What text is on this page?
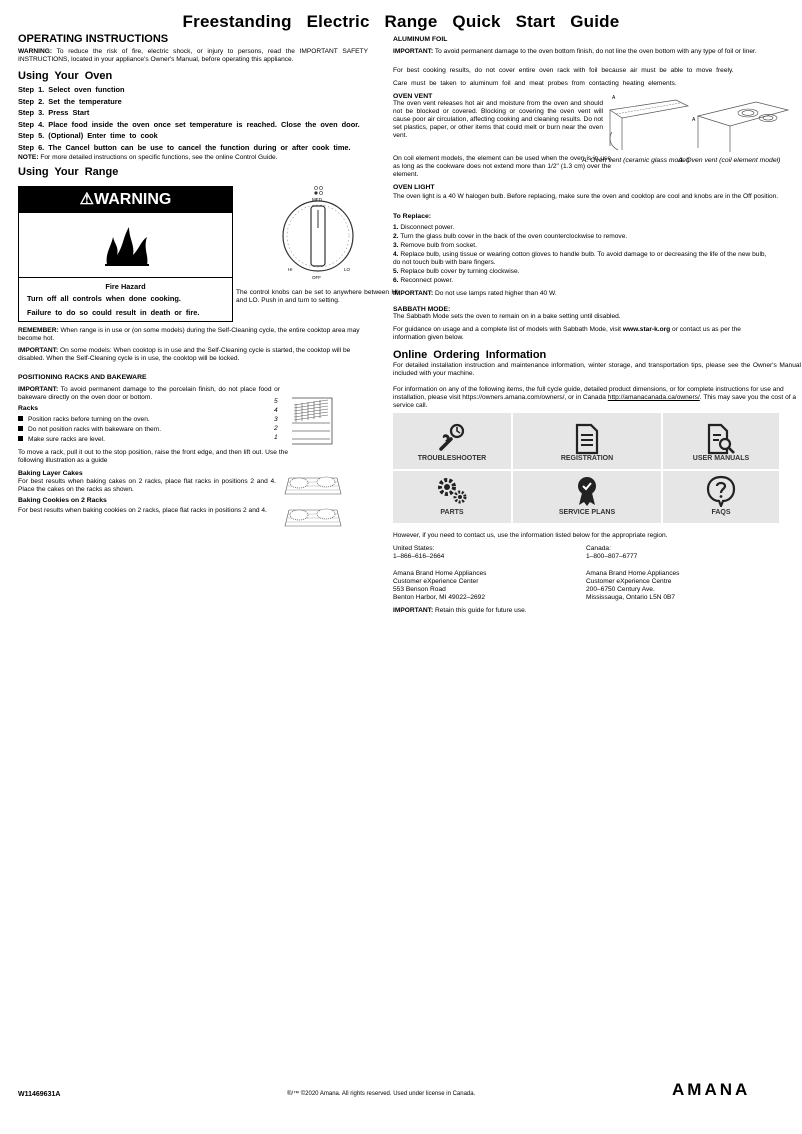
Freestanding Electric Range Quick Start Guide
OPERATING INSTRUCTIONS

WARNING: To reduce the risk of fire, electric shock, or injury to persons, read the IMPORTANT SAFETY INSTRUCTIONS, located in your appliance's Owner's Manual, before operating this appliance.

Using Your Oven
Step 1. Select oven function
Step 2. Set the temperature
Step 3. Press Start
Step 4. Place food inside the oven once set temperature is reached. Close the oven door.
Step 5. (Optional) Enter time to cook
Step 6. The Cancel button can be use to cancel the function during or after cook time.

NOTE: For more detailed instructions on specific functions, see the online Control Guide.

Using Your Range
⚠WARNING
Fire Hazard
Turn off all controls when done cooking.
Failure to do so could result in death or fire.
MED
HI	LO
OFF

The control knobs can be set to anywhere between HI and LO. Push in and turn to setting.

REMEMBER: When range is in use or (on some models) during the Self-Cleaning cycle, the entire cooktop area may become hot.

IMPORTANT: On some models: When cooktop is in use and the Self-Cleaning cycle is started, the cooktop will be disabled. When the Self-Cleaning cycle is in use, the cooktop will be locked.

POSITIONING RACKS AND BAKEWARE

IMPORTANT: To avoid permanent damage to the porcelain finish, do not place food or bakeware directly on the oven door or bottom.

Racks
Position racks before turning on the oven.
Do not position racks with bakeware on them.
Make sure racks are level.
5
4
3
2
1

To move a rack, pull it out to the stop position, raise the front edge, and then lift out. Use the following illustration as a guide

Baking Layer Cakes

For best results when baking cakes on 2 racks, place flat racks in positions 2 and 4. Place the cakes on the racks as shown.

Baking Cookies on 2 Racks

For best results when baking cookies on 2 racks, place flat racks in positions 2 and 4.

ALUMINUM FOIL

IMPORTANT: To avoid permanent damage to the oven bottom finish, do not line the oven bottom with any type of foil or liner.

For best cooking results, do not cover entire oven rack with foil because air must be able to move freely.

Care must be taken to aluminum foil and meat probes from contacting heating elements.

OVEN VENT

The oven vent releases hot air and moisture from the oven and should not be blocked or covered. Blocking or covering the oven vent will cause poor air circulation, affecting cooking and cleaning results. Do not set plastics, paper, or other items that could melt or burn near the oven vent.

On coil element models, the element can be used when the oven is in use as long as the cookware does not extend more than 1/2" (1.3 cm) over the element.

A
A
A. Oven vent (ceramic glass model)
A. Oven vent (coil element model)
OVEN LIGHT

The oven light is a 40 W halogen bulb. Before replacing, make sure the oven and cooktop are cool and knobs are in the Off position.

To Replace:
1. Disconnect power.
2. Turn the glass bulb cover in the back of the oven counterclockwise to remove.
3. Remove bulb from socket.
4. Replace bulb, using tissue or wearing cotton gloves to handle bulb. To avoid damage to or decreasing the life of the new bulb, do not touch bulb with bare fingers.
5. Replace bulb cover by turning clockwise.
6. Reconnect power.

IMPORTANT: Do not use lamps rated higher than 40 W.

SABBATH MODE:

The Sabbath Mode sets the oven to remain on in a bake setting until disabled.

For guidance on usage and a complete list of models with Sabbath Mode, visit www.star-k.org or contact us as per the information given below.

Online Ordering Information

For detailed installation instruction and maintenance information, winter storage, and transportation tips, please see the Owner's Manual included with your machine.

For information on any of the following items, the full cycle guide, detailed product dimensions, or for complete instructions for use and installation, please visit https://owners.amana.com/owners/, or in Canada http://amanacanada.ca/owners/. This may save you the cost of a service call.

TROUBLESHOOTER	REGISTRATION	USER MANUALS
PARTS	SERVICE PLANS	FAQS

However, if you need to contact us, use the information listed below for the appropriate region.

United States:
1–866–616–2664
Amana Brand Home Appliances
Customer eXperience Center
553 Benson Road
Benton Harbor, MI 49022–2692
Canada:
1–800–807–6777
Amana Brand Home Appliances
Customer eXperience Centre
200–6750 Century Ave.
Mississauga, Ontario L5N 0B7

IMPORTANT: Retain this guide for future use.

W11469631A	®/™ ©2020 Amana. All rights reserved. Used under license in Canada.	AMANA
